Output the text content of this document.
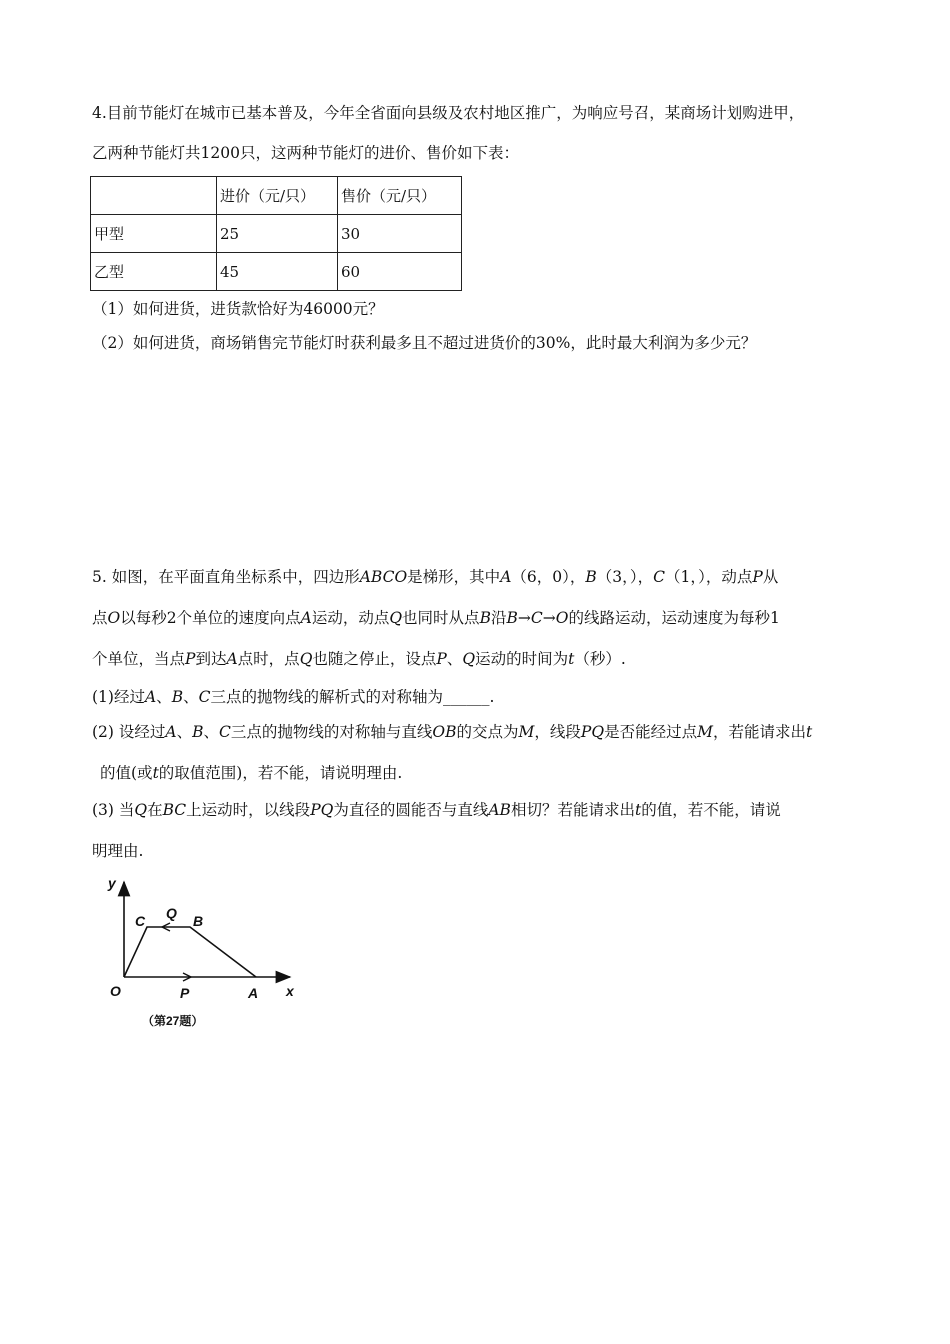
4.目前节能灯在城市已基本普及，今年全省面向县级及农村地区推广，为响应号召，某商场计划购进甲，
乙两种节能灯共1200只，这两种节能灯的进价、售价如下表：
	进价（元/只）	售价（元/只）
甲型	25	30
乙型	45	60
（1）如何进货，进货款恰好为46000元？
（2）如何进货，商场销售完节能灯时获利最多且不超过进货价的30%，此时最大利润为多少元？
5. 如图，在平面直角坐标系中，四边形ABCO是梯形，其中A（6，0），B（3，），C（1，），动点P从
点O以每秒2个单位的速度向点A运动，动点Q也同时从点B沿B→C→O的线路运动，运动速度为每秒1
个单位，当点P到达A点时，点Q也随之停止，设点P、Q运动的时间为t（秒）.
(1)经过A、B、C三点的抛物线的解析式的对称轴为______.
(2) 设经过A、B、C三点的抛物线的对称轴与直线OB的交点为M，线段PQ是否能经过点M，若能请求出t
的值(或t的取值范围)，若不能，请说明理由.
(3) 当Q在BC上运动时，以线段PQ为直径的圆能否与直线AB相切？若能请求出t的值，若不能，请说
明理由.
y
x
O
C Q B
P	A
（第27题）
